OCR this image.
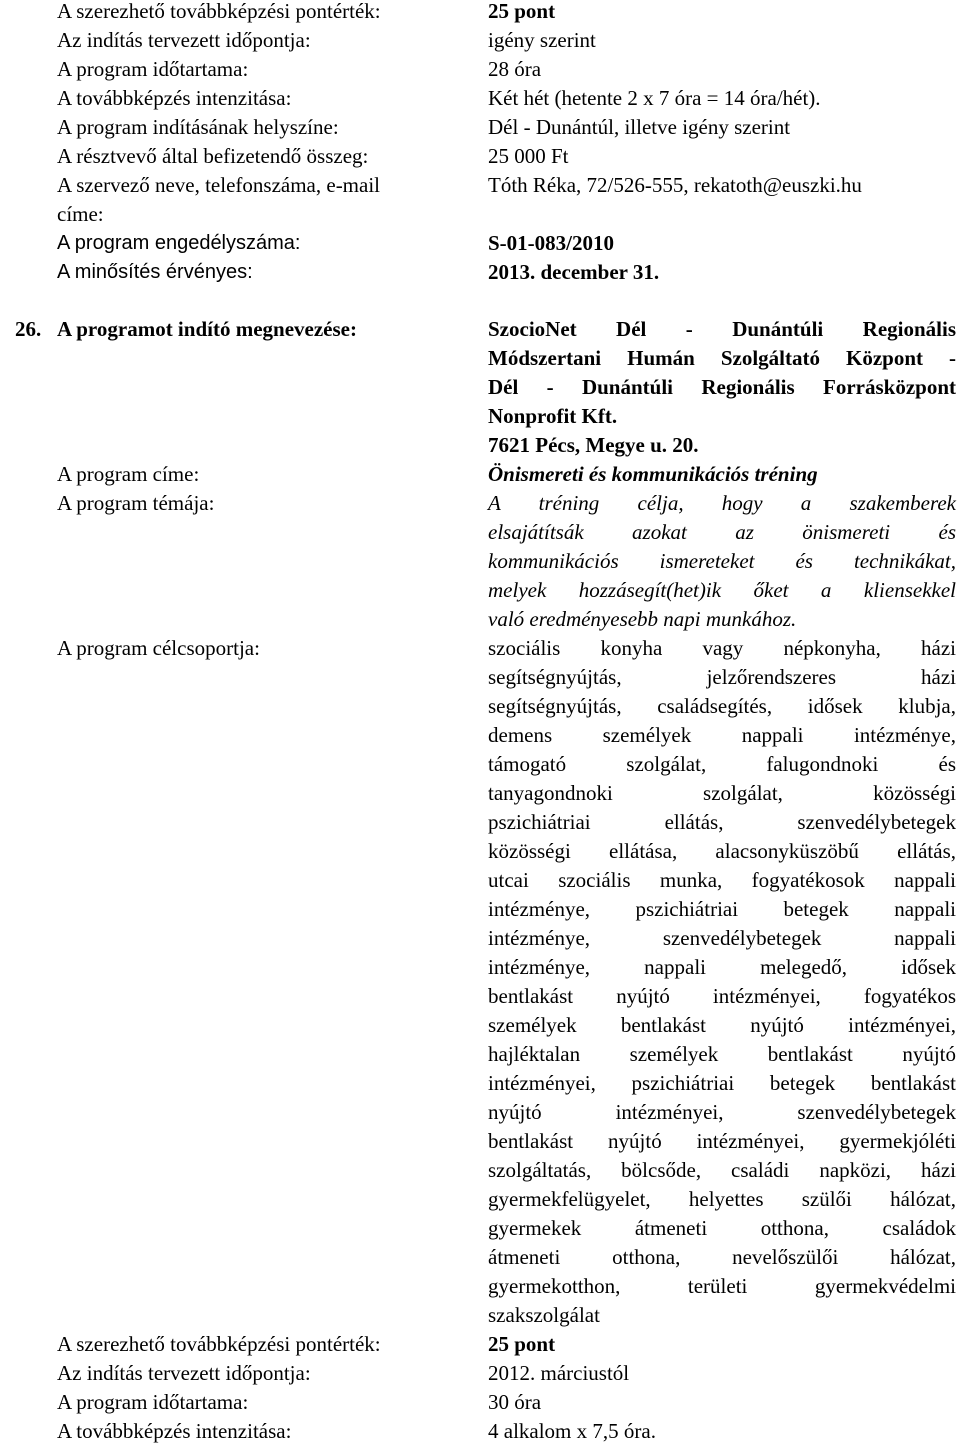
A szerezhető továbbképzési pontérték:	25 pont
Az indítás tervezett időpontja:	igény szerint
A program időtartama:	28 óra
A továbbképzés intenzitása:	Két hét (hetente 2 x 7 óra = 14 óra/hét).
A program indításának helyszíne:	Dél - Dunántúl, illetve igény szerint
A résztvevő által befizetendő összeg:	25 000 Ft
A szervező neve, telefonszáma, e-mail	Tóth Réka, 72/526-555, rekatoth@euszki.hu
címe:
A program engedélyszáma:	S-01-083/2010
A minősítés érvényes:	2013. december 31.
26. A programot indító megnevezése:	SzocioNet Dél - Dunántúli Regionális
Módszertani Humán Szolgáltató Központ -
Dél - Dunántúli Regionális Forrásközpont
Nonprofit Kft.
7621 Pécs, Megye u. 20.
A program címe:	Önismereti és kommunikációs tréning
A program témája:	A tréning célja, hogy a szakemberek
elsajátítsák azokat az önismereti és
kommunikációs ismereteket és technikákat,
melyek hozzásegít(het)ik őket a kliensekkel
való eredményesebb napi munkához.
A program célcsoportja:	szociális konyha vagy népkonyha, házi
segítségnyújtás, jelzőrendszeres házi
segítségnyújtás, családsegítés, idősek klubja,
demens személyek nappali intézménye,
támogató szolgálat, falugondnoki és
tanyagondnoki szolgálat, közösségi
pszichiátriai ellátás, szenvedélybetegek
közösségi ellátása, alacsonyküszöbű ellátás,
utcai szociális munka, fogyatékosok nappali
intézménye, pszichiátriai betegek nappali
intézménye, szenvedélybetegek nappali
intézménye, nappali melegedő, idősek
bentlakást nyújtó intézményei, fogyatékos
személyek bentlakást nyújtó intézményei,
hajléktalan személyek bentlakást nyújtó
intézményei, pszichiátriai betegek bentlakást
nyújtó intézményei, szenvedélybetegek
bentlakást nyújtó intézményei, gyermekjóléti
szolgáltatás, bölcsőde, családi napközi, házi
gyermekfelügyelet, helyettes szülői hálózat,
gyermekek átmeneti otthona, családok
átmeneti otthona, nevelőszülői hálózat,
gyermekotthon, területi gyermekvédelmi
szakszolgálat
A szerezhető továbbképzési pontérték:	25 pont
Az indítás tervezett időpontja:	2012. márciustól
A program időtartama:	30 óra
A továbbképzés intenzitása:	4 alkalom x 7,5 óra.
